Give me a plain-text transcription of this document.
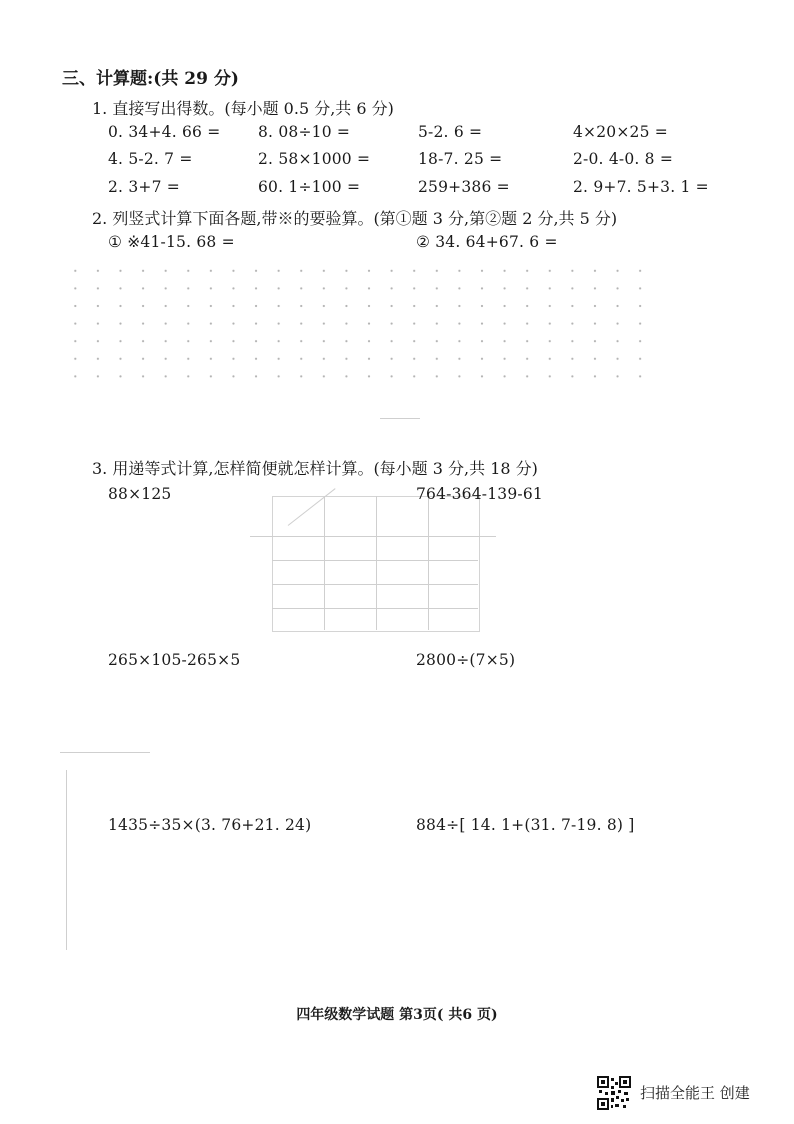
三、计算题:(共 29 分)
1. 直接写出得数。(每小题 0.5 分,共 6 分)
0. 34+4. 66 = 8. 08÷10 =	5-2. 6 =	4×20×25 =
4. 5-2. 7 =	2. 58×1000 =	18-7. 25 =	2-0. 4-0. 8 =
2. 3+7 =	60. 1÷100 =	259+386 =	2. 9+7. 5+3. 1 =
2. 列竖式计算下面各题,带※的要验算。(第①题 3 分,第②题 2 分,共 5 分)
① ※41-15. 68 =	② 34. 64+67. 6 =
3. 用递等式计算,怎样简便就怎样计算。(每小题 3 分,共 18 分)
88×125	764-364-139-61
265×105-265×5	2800÷(7×5)
1435÷35×(3. 76+21. 24)	884÷[ 14. 1+(31. 7-19. 8) ]
四年级数学试题 第3页( 共6 页)
扫描全能王 创建
